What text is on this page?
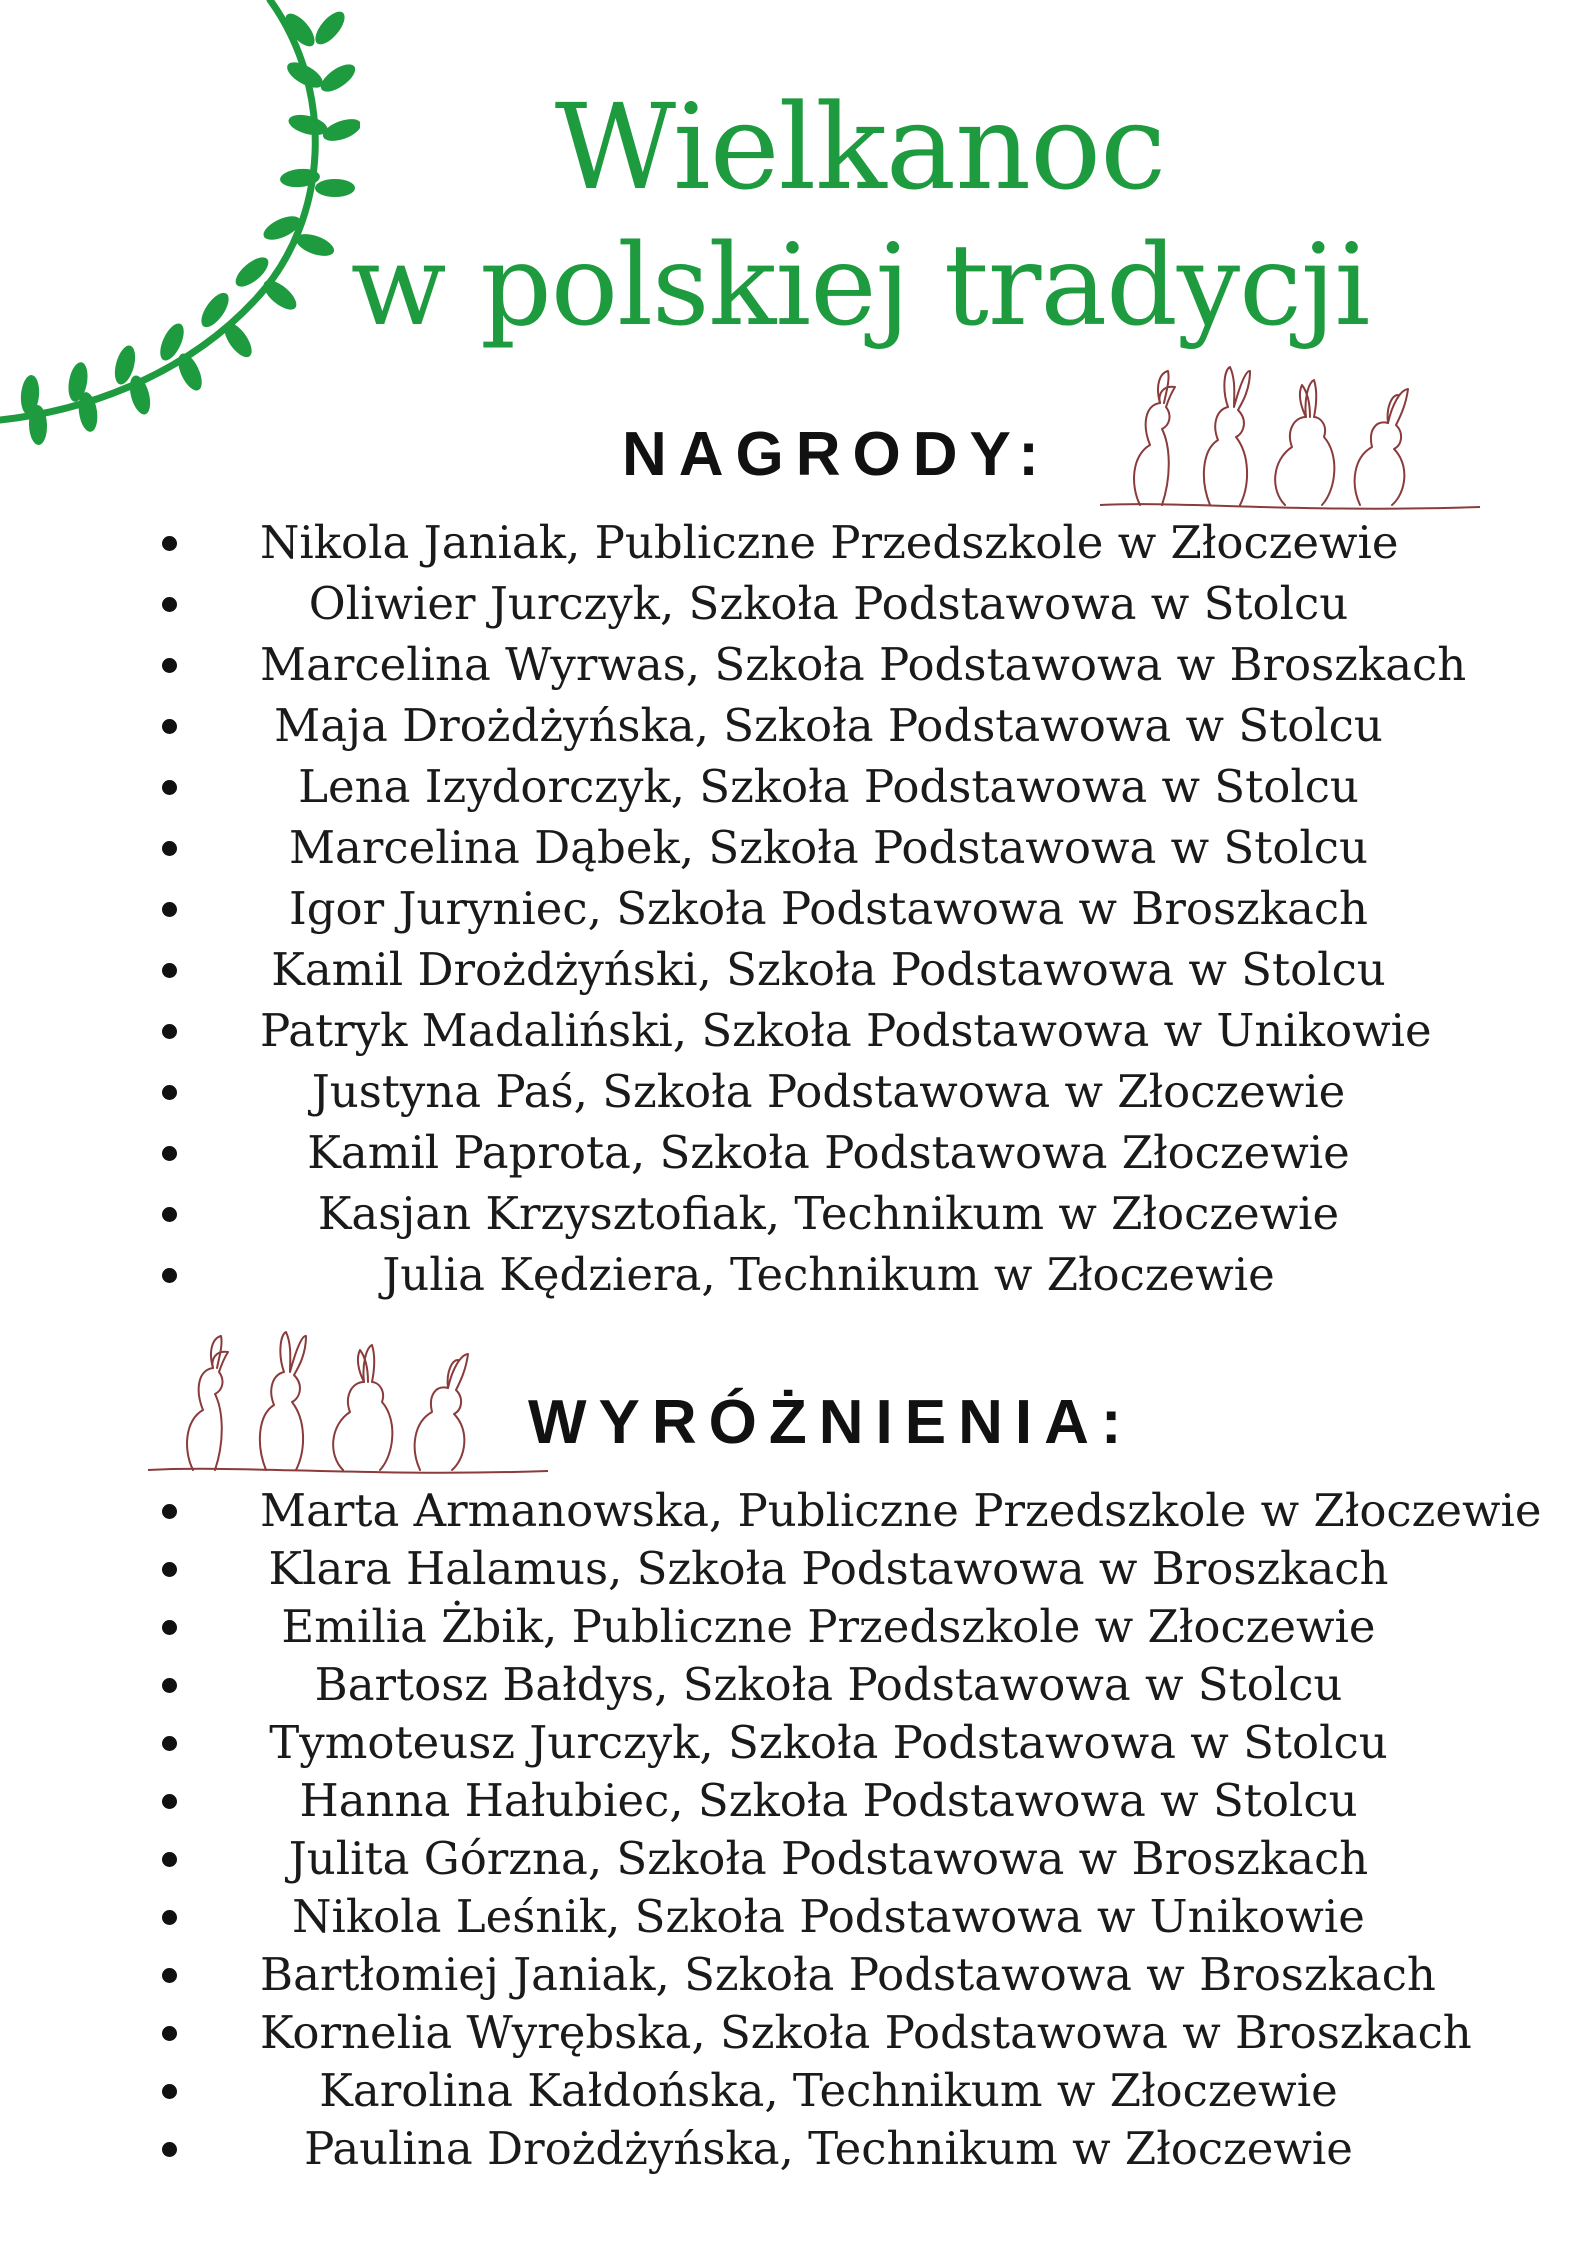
Wielkanoc
w polskiej tradycji
NAGRODY:
Nikola Janiak, Publiczne Przedszkole w Złoczewie
Oliwier Jurczyk, Szkoła Podstawowa w Stolcu
Marcelina Wyrwas, Szkoła Podstawowa w Broszkach
Maja Drożdżyńska, Szkoła Podstawowa w Stolcu
Lena Izydorczyk, Szkoła Podstawowa w Stolcu
Marcelina Dąbek, Szkoła Podstawowa w Stolcu
Igor Juryniec, Szkoła Podstawowa w Broszkach
Kamil Drożdżyński, Szkoła Podstawowa w Stolcu
Patryk Madaliński, Szkoła Podstawowa w Unikowie
Justyna Paś, Szkoła Podstawowa w Złoczewie
Kamil Paprota, Szkoła Podstawowa Złoczewie
Kasjan Krzysztofiak, Technikum w Złoczewie
Julia Kędziera, Technikum w Złoczewie
WYRÓŻNIENIA:
Marta Armanowska, Publiczne Przedszkole w Złoczewie
Klara Halamus, Szkoła Podstawowa w Broszkach
Emilia Żbik, Publiczne Przedszkole w Złoczewie
Bartosz Bałdys, Szkoła Podstawowa w Stolcu
Tymoteusz Jurczyk, Szkoła Podstawowa w Stolcu
Hanna Hałubiec, Szkoła Podstawowa w Stolcu
Julita Górzna, Szkoła Podstawowa w Broszkach
Nikola Leśnik, Szkoła Podstawowa w Unikowie
Bartłomiej Janiak, Szkoła Podstawowa w Broszkach
Kornelia Wyrębska, Szkoła Podstawowa w Broszkach
Karolina Kałdońska, Technikum w Złoczewie
Paulina Drożdżyńska, Technikum w Złoczewie
